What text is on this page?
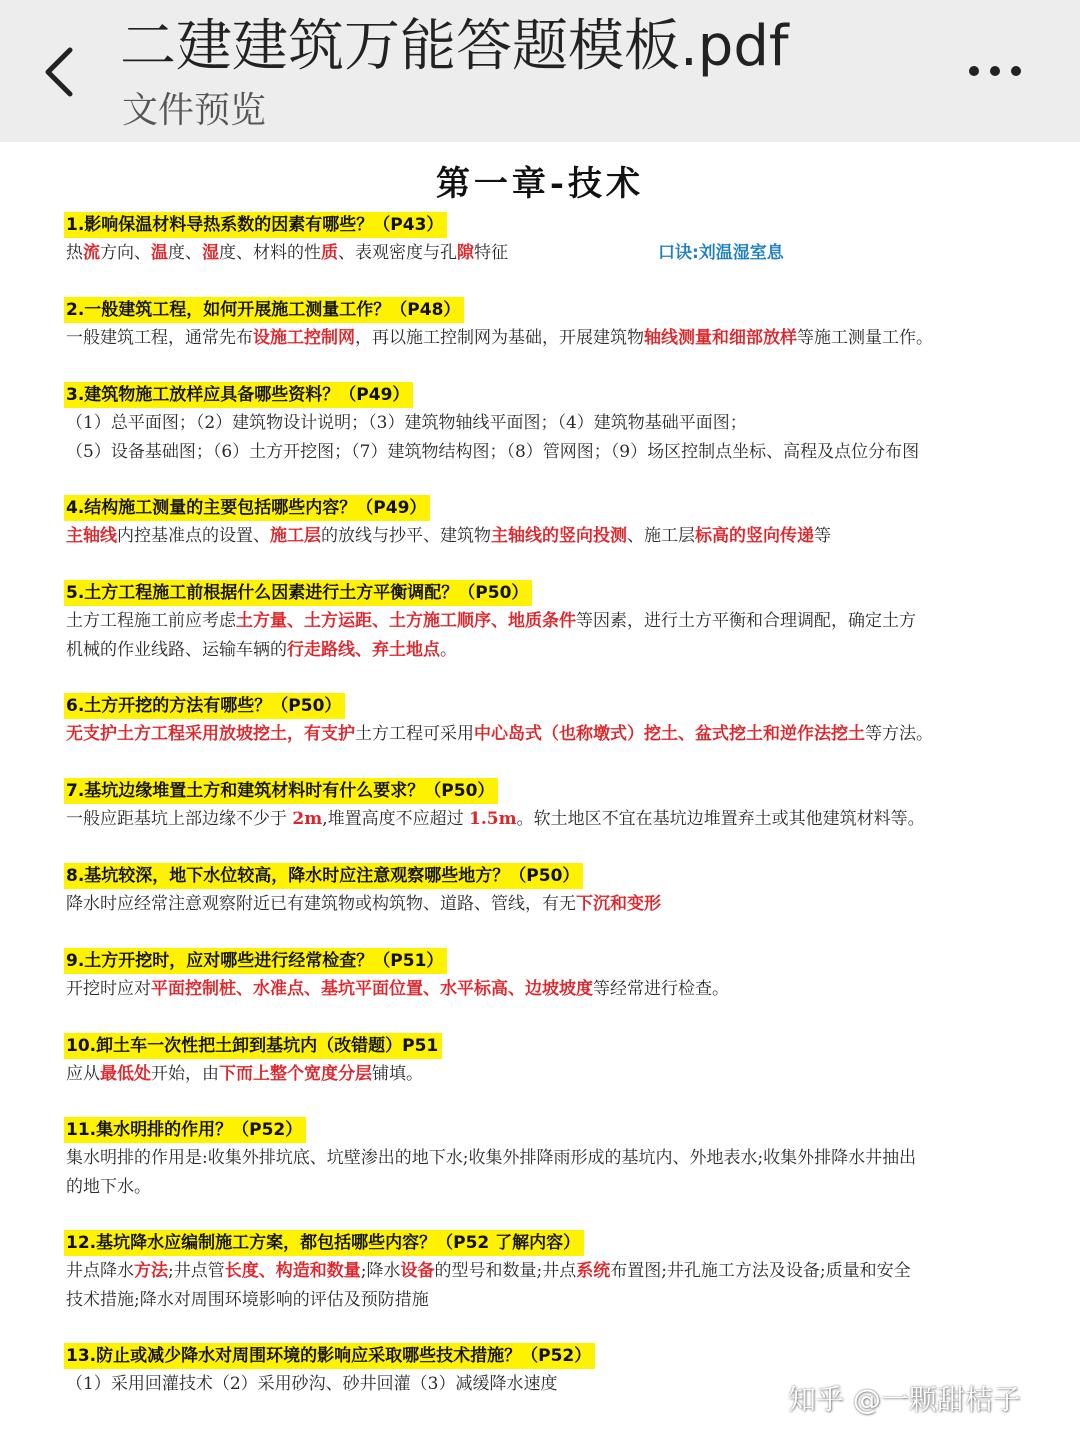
二建建筑万能答题模板.pdf
文件预览
第一章-技术
1.影响保温材料导热系数的因素有哪些？（P43）
热流方向、温度、湿度、材料的性质、表观密度与孔隙特征	口诀:刘温湿室息
2.一般建筑工程，如何开展施工测量工作？（P48）
一般建筑工程，通常先布设施工控制网，再以施工控制网为基础，开展建筑物轴线测量和细部放样等施工测量工作。
3.建筑物施工放样应具备哪些资料？（P49）
（1）总平面图；（2）建筑物设计说明；（3）建筑物轴线平面图；（4）建筑物基础平面图；
（5）设备基础图；（6）土方开挖图；（7）建筑物结构图；（8）管网图；（9）场区控制点坐标、高程及点位分布图
4.结构施工测量的主要包括哪些内容？（P49）
主轴线内控基准点的设置、施工层的放线与抄平、建筑物主轴线的竖向投测、施工层标高的竖向传递等
5.土方工程施工前根据什么因素进行土方平衡调配？（P50）
土方工程施工前应考虑土方量、土方运距、土方施工顺序、地质条件等因素，进行土方平衡和合理调配，确定土方
机械的作业线路、运输车辆的行走路线、弃土地点。
6.土方开挖的方法有哪些？（P50）
无支护土方工程采用放坡挖土，有支护土方工程可采用中心岛式（也称墩式）挖土、盆式挖土和逆作法挖土等方法。
7.基坑边缘堆置土方和建筑材料时有什么要求？（P50）
一般应距基坑上部边缘不少于 2m,堆置高度不应超过 1.5m。软土地区不宜在基坑边堆置弃土或其他建筑材料等。
8.基坑较深，地下水位较高，降水时应注意观察哪些地方？（P50）
降水时应经常注意观察附近已有建筑物或构筑物、道路、管线，有无下沉和变形
9.土方开挖时，应对哪些进行经常检查？（P51）
开挖时应对平面控制桩、水准点、基坑平面位置、水平标高、边坡坡度等经常进行检查。
10.卸土车一次性把土卸到基坑内（改错题）P51
应从最低处开始，由下而上整个宽度分层铺填。
11.集水明排的作用？（P52）
集水明排的作用是:收集外排坑底、坑壁渗出的地下水;收集外排降雨形成的基坑内、外地表水;收集外排降水井抽出
的地下水。
12.基坑降水应编制施工方案，都包括哪些内容？（P52 了解内容）
井点降水方法;井点管长度、构造和数量;降水设备的型号和数量;井点系统布置图;井孔施工方法及设备;质量和安全
技术措施;降水对周围环境影响的评估及预防措施
13.防止或减少降水对周围环境的影响应采取哪些技术措施？（P52）
（1）采用回灌技术（2）采用砂沟、砂井回灌（3）减缓降水速度	知乎 @一颗甜桔子
